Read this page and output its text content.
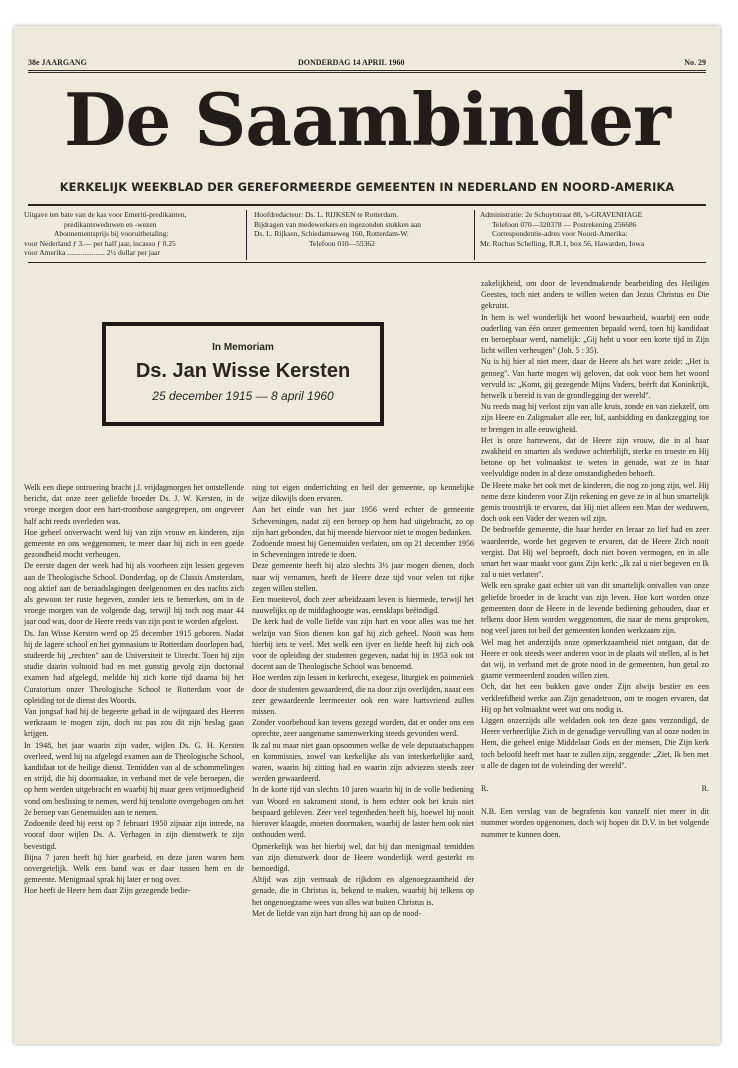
38e JAARGANG	DONDERDAG 14 APRIL 1960	No. 29
De Saambinder
KERKELIJK WEEKBLAD DER GEREFORMEERDE GEMEENTEN IN NEDERLAND EN NOORD-AMERIKA
Uitgave ten bate van de kas voor Emeriti-predikanten,
predikantsweduwen en -wezen
Abonnementsprijs bij vooruitbetaling:
voor Nederland ƒ 3.— per half jaar, incasso ƒ 0.25
voor Amerika .................... 2½ dollar per jaar
Hoofdredacteur: Ds. L. RIJKSEN te Rotterdam.
Bijdragen van medewerkers en ingezonden stukken aan
Ds. L. Rijksen, Schiedamseweg 160, Rotterdam-W.
Telefoon 010—55362
Administratie: 2e Schuytstraat 88, 's-GRAVENHAGE
Telefoon 070—320378 — Postrekening 256686
Correspondentie-adres voor Noord-Amerika:
Mr. Rochus Schelling, R.R.1, box 56, Hawarden, Iowa
In Memoriam
Ds. Jan Wisse Kersten
25 december 1915 — 8 april 1960

Welk een diepe ontroering bracht j.l. vrijdagmorgen het ontstellende bericht, dat onze zeer geliefde broeder Ds. J. W. Kersten, in de vroege morgen door een hart-trombose aangegrepen, om ongeveer half acht reeds overleden was.

Hoe geheel onverwacht werd hij van zijn vrouw en kinderen, zijn gemeente en ons weggenomen, te meer daar hij zich in een goede gezondheid mocht verheugen.

De eerste dagen der week had hij als voorheen zijn lessen gegeven aan de Theologische School. Donderdag, op de Classis Amsterdam, nog aktief aan de beraadslagingen deelgenomen en des nachts zich als gewoon ter ruste begeven, zonder iets te bemerken, om in de vroege morgen van de volgende dag, terwijl hij toch nog maar 44 jaar oud was, door de Heere reeds van zijn post te worden afgelost.

Ds. Jan Wisse Kersten werd op 25 december 1915 geboren. Nadat hij de lagere school en het gymnasium te Rotterdam doorlopen had, studeerde hij „rechten" aan de Universiteit te Utrecht. Toen hij zijn studie daarin voltooid had en met gunstig gevolg zijn doctoraal examen had afgelegd, meldde hij zich korte tijd daarna bij het Curatorium onzer Theologische School te Rotterdam voor de opleiding tot de dienst des Woords.

Van jongsaf had hij de begeerte gehad in de wijngaard des Heeren werkzaam te mogen zijn, doch nu pas zou dit zijn beslag gaan krijgen.

In 1948, het jaar waarin zijn vader, wijlen Ds. G. H. Kersten overleed, werd hij na afgelegd examen aan de Theologische School, kandidaat tot de heilige dienst. Temidden van al de schommelingen en strijd, die hij doormaakte, in verband met de vele beroepen, die op hem werden uitgebracht en waarbij hij maar geen vrijmoedigheid vond om beslissing te nemen, werd hij tenslotte overgebogen om het 2e beroep van Genemuiden aan te nemen.

Zodoende deed hij eerst op 7 februari 1950 zijnaar zijn intrede, na vooraf door wijlen Ds. A. Verhagen in zijn dienstwerk te zijn bevestigd.

Bijna 7 jaren heeft hij hier gearbeid, en deze jaren waren hem onvergetelijk. Welk een band was er daar tussen hem en de gemeente. Menigmaal sprak hij later er nog over.

Hoe heeft de Heere hem daar Zijn gezegende bedie-

ning tot eigen onderrichting en heil der gemeente, op kennelijke wijze dikwijls doen ervaren.

Aan het einde van het jaar 1956 werd echter de gemeente Scheveningen, nadat zij een beroep op hem had uitgebracht, zo op zijn hart gebonden, dat hij meende hiervoor niet te mogen bedanken.

Zodoende moest hij Genemuiden verlaten, om op 21 december 1956 in Scheveningen intrede te doen.

Deze gemeente heeft hij alzo slechts 3½ jaar mogen dienen, doch naar wij vernamen, heeft de Heere deze tijd voor velen tot rijke zegen willen stellen.

Een moeitevol, doch zeer arbeidzaam leven is hiermede, terwijl het nauwelijks op de middaghoogte was, eensklaps beëindigd.

De kerk had de volle liefde van zijn hart en voor alles was toe het welzijn van Sion dienen kon gaf hij zich geheel. Nooit was hem hierbij iets te veel. Met welk een ijver en liefde heeft hij zich ook voor de opleiding der studenten gegeven, nadat hij in 1953 ook tot docent aan de Theologische School was benoemd.

Hoe werden zijn lessen in kerkrecht, exegese, liturgiek en poimeniek door de studenten gewaardeerd, die na door zijn overlijden, naast een zeer gewaardeerde leermeester ook een ware hartsvriend zullen missen.

Zonder voorbehoud kan tevens gezegd worden, dat er onder ons een oprechte, zeer aangename samenwerking steeds gevonden werd.

Ik zal nu maar niet gaan opsommen welke de vele deputaatschappen en kommissies, zowel van kerkelijke als van interkerkelijke aard, waren, waarin hij zitting had en waarin zijn adviezen steeds zeer werden gewaardeerd.

In de korte tijd van slechts 10 jaren waarin hij in de volle bediening van Woord en sakrament stond, is hem echter ook het kruis niet bespaard gebleven. Zeer veel tegenheden heeft hij, hoewel hij nooit hierover klaagde, moeten doormaken, waarbij de laster hem ook niet onthouden werd.

Opmerkelijk was het hierbij wel, dat hij dan menigmaal temidden van zijn dienstwerk door de Heere wonderlijk werd gesterkt en bemoedigd.

Altijd was zijn vermaak de rijkdom en algenoegzaamheid der genade, die in Christus is, bekend te maken, waarbij hij telkens op het ongenoegzame wees van alles wat buiten Christus is.

Met de liefde van zijn hart drong hij aan op de nood-

zakelijkheid, om door de levendmakende bearbeiding des Heiligen Geestes, toch niet anders te willen weten dan Jezus Christus en Die gekruist.

In hem is wel wonderlijk het woord bewaarheid, waarbij een oude ouderling van één onzer gemeenten bepaald werd, toen hij kandidaat en beroepbaar werd, namelijk: „Gij hebt u voor een korte tijd in Zijn licht willen verheugen" (Joh. 5 : 35).

Nu is hij hier al niet meer, daar de Heere als het ware zeide: „Het is genoeg". Van harte mogen wij geloven, dat ook voor hem het woord vervuld is: „Komt, gij gezegende Mijns Vaders, beërft dat Koninkrijk, hetwelk u bereid is van de grondlegging der wereld".

Nu reeds mag hij verlost zijn van alle kruis, zonde en van ziekzelf, om zijn Heere en Zaligmaker alle eer, lof, aanbidding en dankzegging toe te brengen in alle eeuwigheid.

Het is onze hartewens, dat de Heere zijn vrouw, die in al haar zwakheid en smarten als weduwe achterblijft, sterke en troeste en Hij betone op het volmaaktst te weten in genade, wat ze in haar veelvuldige noden in al deze omstandigheden behoeft.

De Heere make het ook met de kinderen, die nog zo jong zijn, wel. Hij neme deze kinderen voor Zijn rekening en geve ze in al hun smartelijk gemis troostrijk te ervaren, dat Hij niet alleen een Man der weduwen, doch ook een Vader der wezen wil zijn.

De bedroefde gemeente, die haar herder en leraar zo lief had en zeer waardeerde, worde het gegeven te ervaren, dat de Heere Zich nooit vergist. Dat Hij wel beproeft, doch niet boven vermogen, en in alle smart het waar maakt voor gans Zijn kerk: „Ik zal u niet begeven en Ik zal u niet verlaten".

Welk een sprake gaat echter uit van dit smartelijk ontvallen van onze geliefde broeder in de kracht van zijn leven. Hoe kort worden onze gemeenten door de Heere in de levende bediening gehouden, daar er telkens door Hem worden weggenomen, die naar de mens gesproken, nog veel jaren tot heil der gemeenten konden werkzaam zijn.

Wel mag het anderzijds onze opmerkzaamheid niet ontgaan, dat de Heere er ook steeds weer anderen voor in de plaats wil stellen, al is het dat wij, in verband met de grote nood in de gemeenten, hun getal zo gaarne vermeerderd zouden willen zien.

Och, dat het een bukken gave onder Zijn alwijs bestier en een verkleefdheid werke aan Zijn genadetroon, om te mogen ervaren, dat Hij op het volmaaktst weet wat ons nodig is.

Liggen onzerzijds alle weldaden ook ten deze gans verzondigd, de Heere verheerlijke Zich in de genadige vervulling van al onze noden in Hem, die geheel enige Middelaar Gods en der mensen, Die Zijn kerk toch beloofd heeft met haar te zullen zijn, zeggende: „Ziet, Ik ben met u alle de dagen tot de voleinding der wereld".

R.	R.

N.B. Een verslag van de begrafenis kon vanzelf niet meer in dit nummer worden opgenomen, doch wij hopen dit D.V. in het volgende nummer te kunnen doen.
